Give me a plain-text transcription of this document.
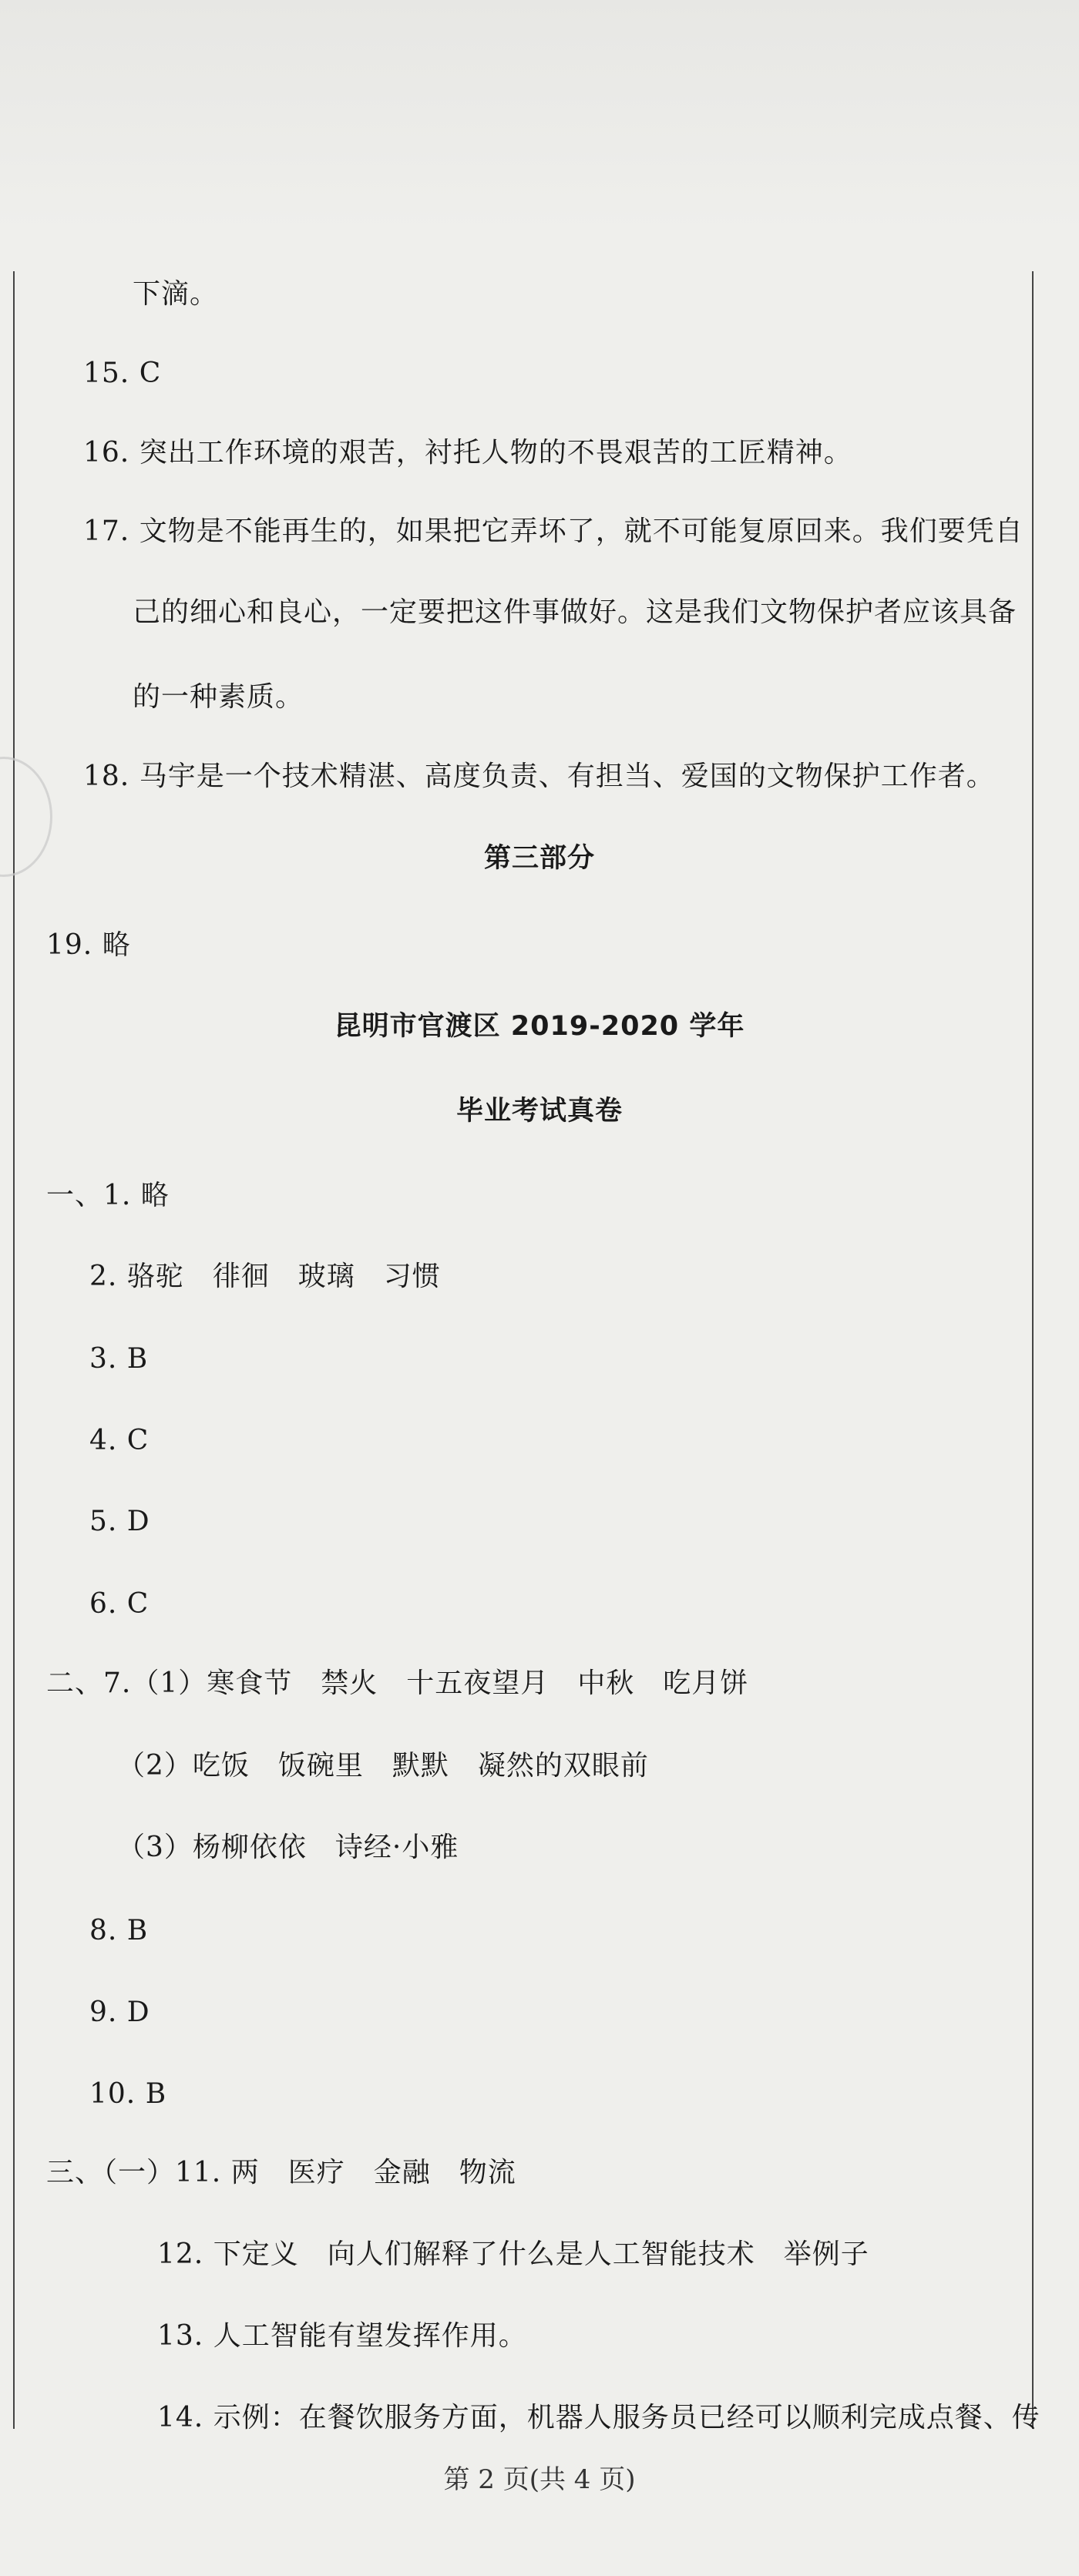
下滴。
15. C
16. 突出工作环境的艰苦，衬托人物的不畏艰苦的工匠精神。
17. 文物是不能再生的，如果把它弄坏了，就不可能复原回来。我们要凭自
己的细心和良心，一定要把这件事做好。这是我们文物保护者应该具备
的一种素质。
18. 马宇是一个技术精湛、高度负责、有担当、爱国的文物保护工作者。
第三部分
19. 略
昆明市官渡区 2019-2020 学年
毕业考试真卷
一、1. 略
2. 骆驼　徘徊　玻璃　习惯
3. B
4. C
5. D
6. C
二、7.（1）寒食节　禁火　十五夜望月　中秋　吃月饼
（2）吃饭　饭碗里　默默　凝然的双眼前
（3）杨柳依依　诗经·小雅
8. B
9. D
10. B
三、（一）11. 两　医疗　金融　物流
12. 下定义　向人们解释了什么是人工智能技术　举例子
13. 人工智能有望发挥作用。
14. 示例：在餐饮服务方面，机器人服务员已经可以顺利完成点餐、传
第 2 页(共 4 页)
